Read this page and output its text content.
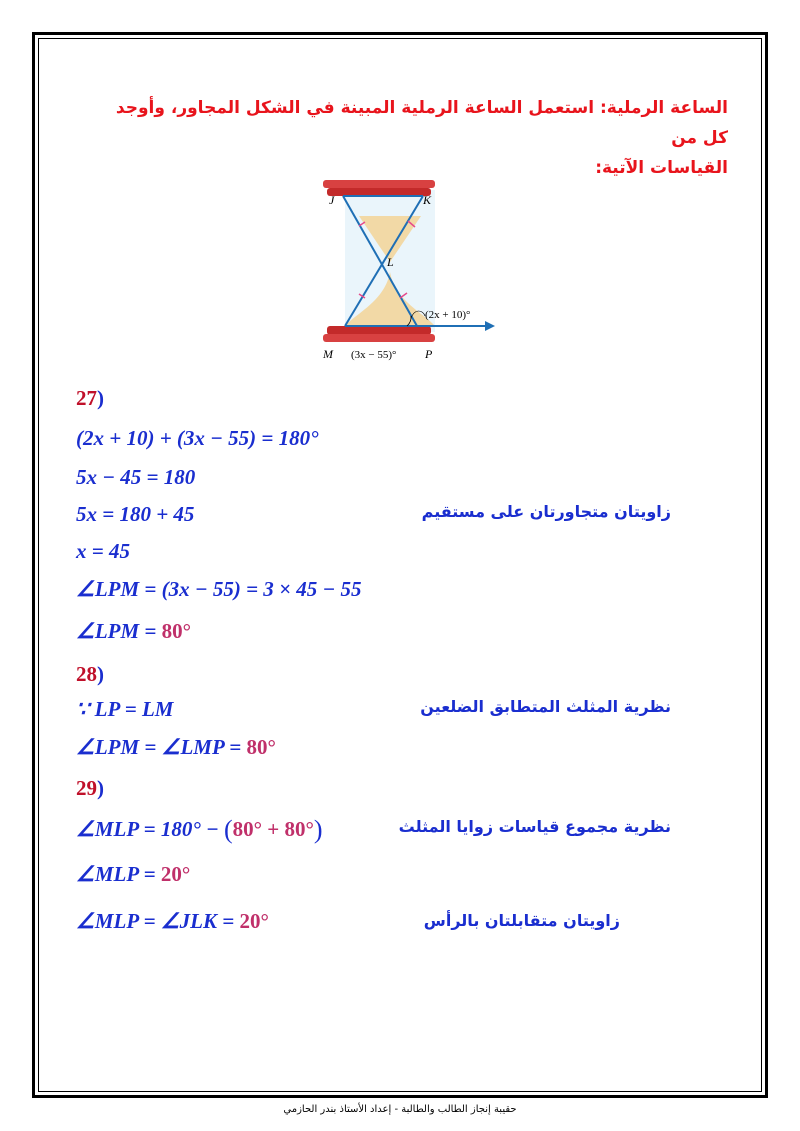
الساعة الرملية: استعمل الساعة الرملية المبينة في الشكل المجاور، وأوجد كل من
القياسات الآتية:
J	K
L
M	P
(2x + 10)°
(3x − 55)°
27)
(2x + 10) + (3x − 55) = 180°
5x − 45 = 180
5x = 180 + 45
x = 45
∠LPM = (3x − 55) = 3 × 45 − 55
∠LPM = 80°
زاويتان متجاورتان على مستقيم
28)
∵ LP = LM
∠LPM = ∠LMP = 80°
نظرية المثلث المتطابق الضلعين
29)
∠MLP = 180° − (80° + 80°)
∠MLP = 20°
∠MLP = ∠JLK = 20°
نظرية مجموع قياسات زوايا المثلث
زاويتان متقابلتان بالرأس
حقيبة إنجاز الطالب والطالبة - إعداد الأستاذ بندر الحازمي
